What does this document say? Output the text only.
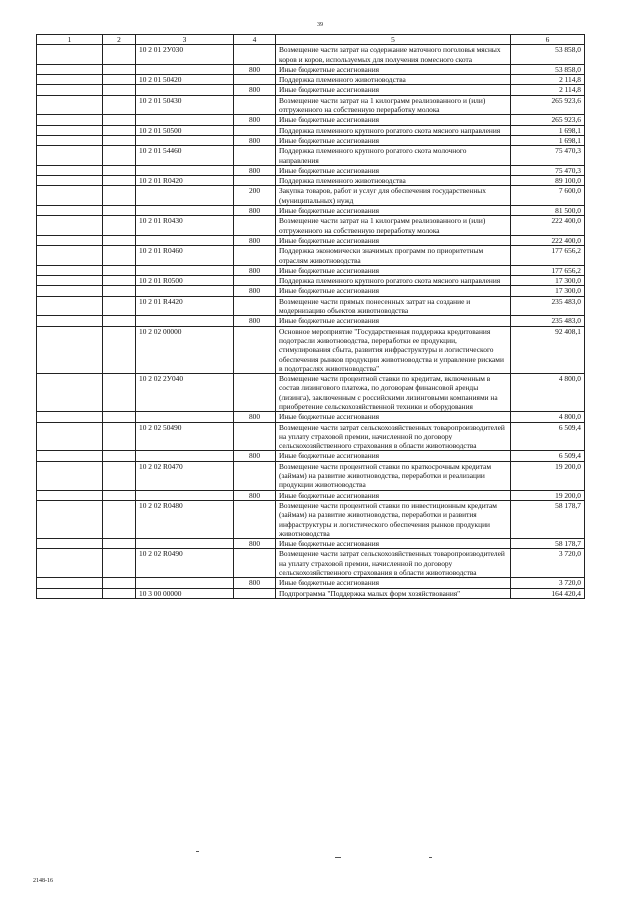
39
1	2	3	4	5	6
		10 2 01 2У030		Возмещение части затрат на содержание маточного поголовья мясных коров и коров, используемых для получения помесного скота	53 858,0
			800	Иные бюджетные ассигнования	53 858,0
		10 2 01 50420		Поддержка племенного животноводства	2 114,8
			800	Иные бюджетные ассигнования	2 114,8
		10 2 01 50430		Возмещение части затрат на 1 килограмм реализованного и (или) отгруженного на собственную переработку молока	265 923,6
			800	Иные бюджетные ассигнования	265 923,6
		10 2 01 50500		Поддержка племенного крупного рогатого скота мясного направления	1 698,1
			800	Иные бюджетные ассигнования	1 698,1
		10 2 01 54460		Поддержка племенного крупного рогатого скота молочного направления	75 470,3
			800	Иные бюджетные ассигнования	75 470,3
		10 2 01 R0420		Поддержка племенного животноводства	89 100,0
			200	Закупка товаров, работ и услуг для обеспечения государственных (муниципальных) нужд	7 600,0
			800	Иные бюджетные ассигнования	81 500,0
		10 2 01 R0430		Возмещение части затрат на 1 килограмм реализованного и (или) отгруженного на собственную переработку молока	222 400,0
			800	Иные бюджетные ассигнования	222 400,0
		10 2 01 R0460		Поддержка экономически значимых программ по приоритетным отраслям животноводства	177 656,2
			800	Иные бюджетные ассигнования	177 656,2
		10 2 01 R0500		Поддержка племенного крупного рогатого скота мясного направления	17 300,0
			800	Иные бюджетные ассигнования	17 300,0
		10 2 01 R4420		Возмещение части прямых понесенных затрат на создание и модернизацию объектов животноводства	235 483,0
			800	Иные бюджетные ассигнования	235 483,0
		10 2 02 00000		Основное мероприятие "Государственная поддержка кредитования подотрасли животноводства, переработки ее продукции, стимулирования сбыта, развития инфраструктуры и логистического обеспечения рынков продукции животноводства и управление рисками в подотраслях животноводства"	92 408,1
		10 2 02 2У040		Возмещение части процентной ставки по кредитам, включенным в состав лизингового платежа, по договорам финансовой аренды (лизинга), заключенным с российскими лизинговыми компаниями на приобретение сельскохозяйственной техники и оборудования	4 800,0
			800	Иные бюджетные ассигнования	4 800,0
		10 2 02 50490		Возмещение части затрат сельскохозяйственных товаропроизводителей на уплату страховой премии, начисленной по договору сельскохозяйственного страхования в области животноводства	6 509,4
			800	Иные бюджетные ассигнования	6 509,4
		10 2 02 R0470		Возмещение части процентной ставки по краткосрочным кредитам (займам) на развитие животноводства, переработки и реализации продукции животноводства	19 200,0
			800	Иные бюджетные ассигнования	19 200,0
		10 2 02 R0480		Возмещение части процентной ставки по инвестиционным кредитам (займам) на развитие животноводства, переработки и развития инфраструктуры и логистического обеспечения рынков продукции животноводства	58 178,7
			800	Иные бюджетные ассигнования	58 178,7
		10 2 02 R0490		Возмещение части затрат сельскохозяйственных товаропроизводителей на уплату страховой премии, начисленной по договору сельскохозяйственного страхования в области животноводства	3 720,0
			800	Иные бюджетные ассигнования	3 720,0
		10 3 00 00000		Подпрограмма "Поддержка малых форм хозяйствования"	164 420,4
2148-16
